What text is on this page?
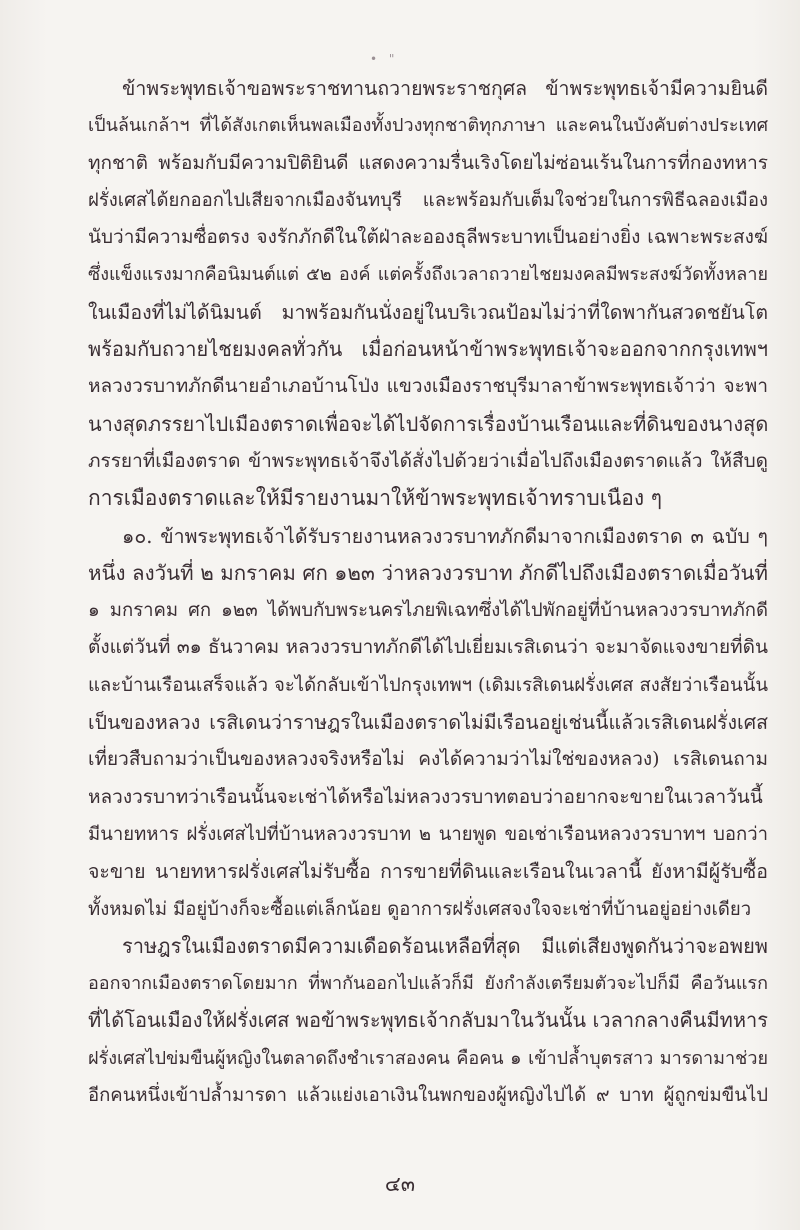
• "
ข้าพระพุทธเจ้าขอพระราชทานถวายพระราชกุศล ข้าพระพุทธเจ้ามีความยินดี
เป็นล้นเกล้าฯ ที่ได้สังเกตเห็นพลเมืองทั้งปวงทุกชาติทุกภาษา และคนในบังคับต่างประเทศ
ทุกชาติ พร้อมกับมีความปิติยินดี แสดงความรื่นเริงโดยไม่ซ่อนเร้นในการที่กองทหาร
ฝรั่งเศสได้ยกออกไปเสียจากเมืองจันทบุรี และพร้อมกับเต็มใจช่วยในการพิธีฉลองเมือง
นับว่ามีความซื่อตรง จงรักภักดีในใต้ฝ่าละอองธุลีพระบาทเป็นอย่างยิ่ง เฉพาะพระสงฆ์
ซึ่งแข็งแรงมากคือนิมนต์แต่ ๕๒ องค์ แต่ครั้งถึงเวลาถวายไชยมงคลมีพระสงฆ์วัดทั้งหลาย
ในเมืองที่ไม่ได้นิมนต์ มาพร้อมกันนั่งอยู่ในบริเวณป้อมไม่ว่าที่ใดพากันสวดชยันโต
พร้อมกับถวายไชยมงคลทั่วกัน เมื่อก่อนหน้าข้าพระพุทธเจ้าจะออกจากกรุงเทพฯ
หลวงวรบาทภักดีนายอำเภอบ้านโป่ง แขวงเมืองราชบุรีมาลาข้าพระพุทธเจ้าว่า จะพา
นางสุดภรรยาไปเมืองตราดเพื่อจะได้ไปจัดการเรื่องบ้านเรือนและที่ดินของนางสุด
ภรรยาที่เมืองตราด ข้าพระพุทธเจ้าจึงได้สั่งไปด้วยว่าเมื่อไปถึงเมืองตราดแล้ว ให้สืบดู
การเมืองตราดและให้มีรายงานมาให้ข้าพระพุทธเจ้าทราบเนือง ๆ
๑๐. ข้าพระพุทธเจ้าได้รับรายงานหลวงวรบาทภักดีมาจากเมืองตราด ๓ ฉบับ ๆ
หนึ่ง ลงวันที่ ๒ มกราคม ศก ๑๒๓ ว่าหลวงวรบาท ภักดีไปถึงเมืองตราดเมื่อวันที่
๑ มกราคม ศก ๑๒๓ ได้พบกับพระนครไภยพิเฉทซึ่งได้ไปพักอยู่ที่บ้านหลวงวรบาทภักดี
ตั้งแต่วันที่ ๓๑ ธันวาคม หลวงวรบาทภักดีได้ไปเยี่ยมเรสิเดนว่า จะมาจัดแจงขายที่ดิน
และบ้านเรือนเสร็จแล้ว จะได้กลับเข้าไปกรุงเทพฯ (เดิมเรสิเดนฝรั่งเศส สงสัยว่าเรือนนั้น
เป็นของหลวง เรสิเดนว่าราษฎรในเมืองตราดไม่มีเรือนอยู่เช่นนี้แล้วเรสิเดนฝรั่งเศส
เที่ยวสืบถามว่าเป็นของหลวงจริงหรือไม่ คงได้ความว่าไม่ใช่ของหลวง) เรสิเดนถาม
หลวงวรบาทว่าเรือนนั้นจะเช่าได้หรือไม่หลวงวรบาทตอบว่าอยากจะขายในเวลาวันนี้
มีนายทหาร ฝรั่งเศสไปที่บ้านหลวงวรบาท ๒ นายพูด ขอเช่าเรือนหลวงวรบาทฯ บอกว่า
จะขาย นายทหารฝรั่งเศสไม่รับซื้อ การขายที่ดินและเรือนในเวลานี้ ยังหามีผู้รับซื้อ
ทั้งหมดไม่ มีอยู่บ้างก็จะซื้อแต่เล็กน้อย ดูอาการฝรั่งเศสจงใจจะเช่าที่บ้านอยู่อย่างเดียว
ราษฎรในเมืองตราดมีความเดือดร้อนเหลือที่สุด มีแต่เสียงพูดกันว่าจะอพยพ
ออกจากเมืองตราดโดยมาก ที่พากันออกไปแล้วก็มี ยังกำลังเตรียมตัวจะไปก็มี คือวันแรก
ที่ได้โอนเมืองให้ฝรั่งเศส พอข้าพระพุทธเจ้ากลับมาในวันนั้น เวลากลางคืนมีทหาร
ฝรั่งเศสไปข่มขืนผู้หญิงในตลาดถึงชำเราสองคน คือคน ๑ เข้าปล้ำบุตรสาว มารดามาช่วย
อีกคนหนึ่งเข้าปล้ำมารดา แล้วแย่งเอาเงินในพกของผู้หญิงไปได้ ๙ บาท ผู้ถูกข่มขืนไป
๔๓
